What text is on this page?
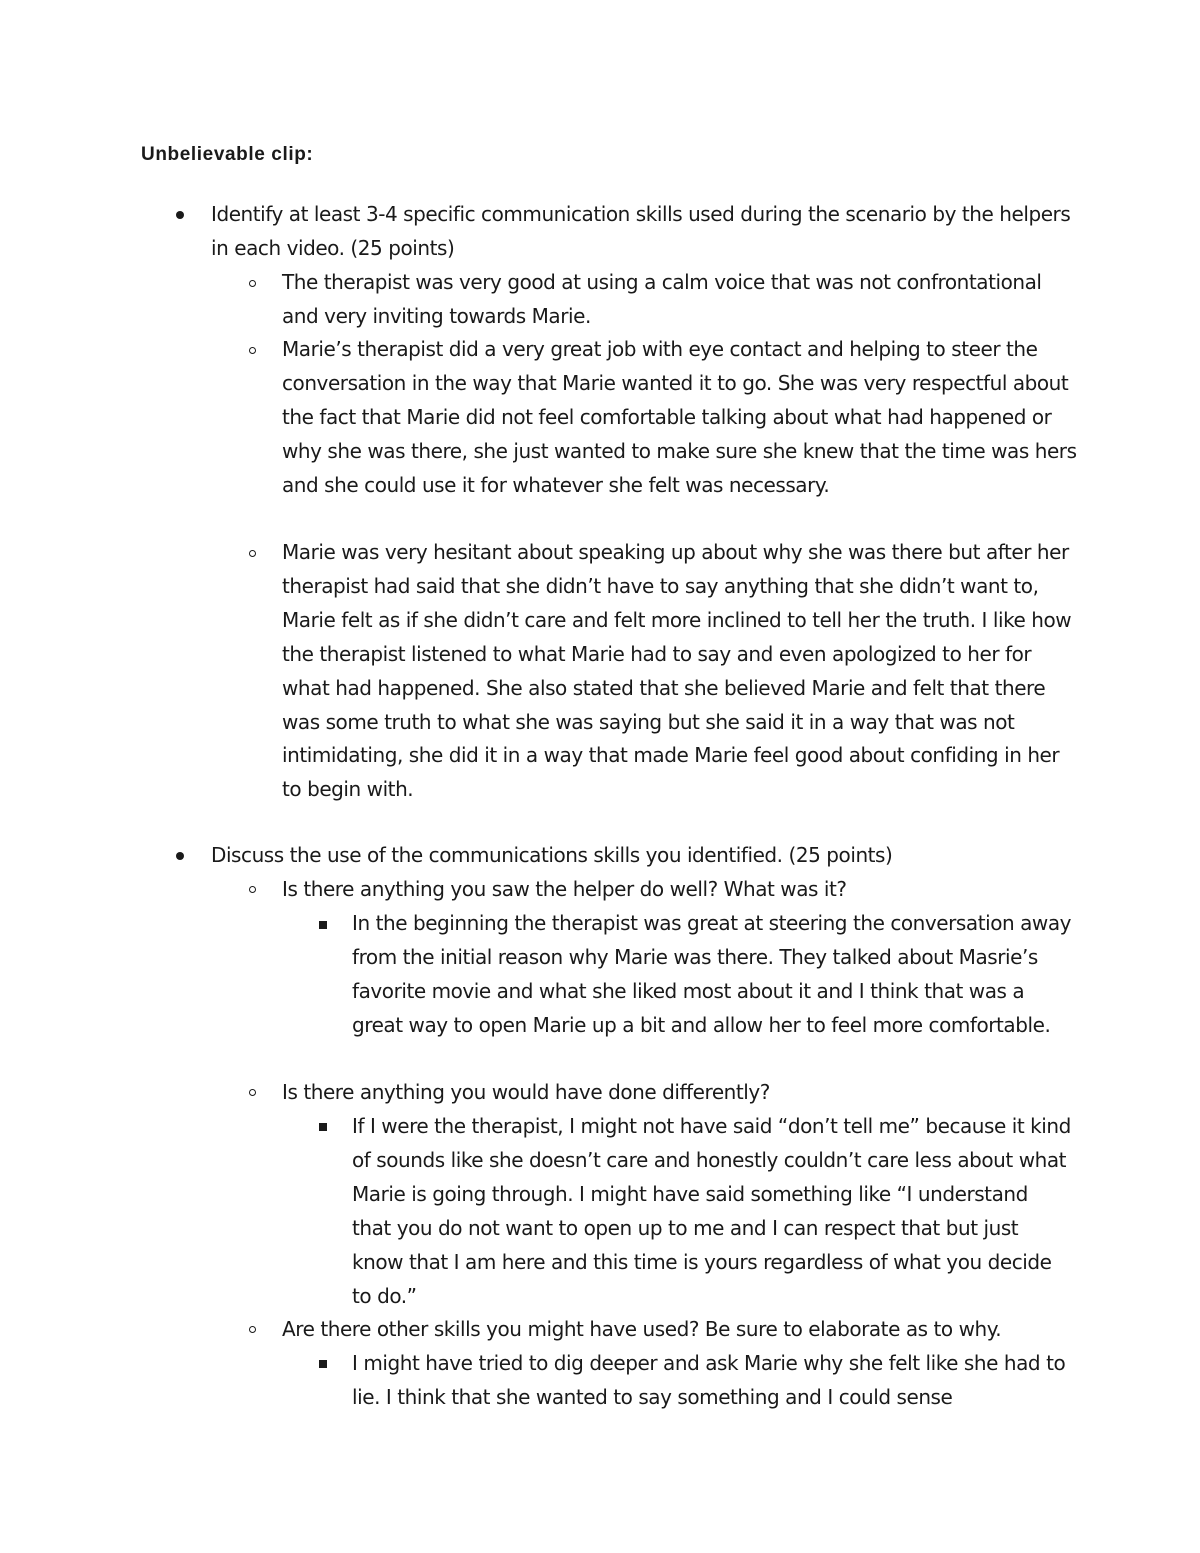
Unbelievable clip:

Identify at least 3-4 specific communication skills used during the scenario by the helpers in each video. (25 points)

The therapist was very good at using a calm voice that was not confrontational and very inviting towards Marie.

Marie’s therapist did a very great job with eye contact and helping to steer the conversation in the way that Marie wanted it to go. She was very respectful about the fact that Marie did not feel comfortable talking about what had happened or why she was there, she just wanted to make sure she knew that the time was hers and she could use it for whatever she felt was necessary.

Marie was very hesitant about speaking up about why she was there but after her therapist had said that she didn’t have to say anything that she didn’t want to, Marie felt as if she didn’t care and felt more inclined to tell her the truth. I like how the therapist listened to what Marie had to say and even apologized to her for what had happened. She also stated that she believed Marie and felt that there was some truth to what she was saying but she said it in a way that was not intimidating, she did it in a way that made Marie feel good about confiding in her to begin with.

Discuss the use of the communications skills you identified. (25 points)

Is there anything you saw the helper do well? What was it?

In the beginning the therapist was great at steering the conversation away from the initial reason why Marie was there. They talked about Masrie’s favorite movie and what she liked most about it and I think that was a great way to open Marie up a bit and allow her to feel more comfortable.

Is there anything you would have done differently?

If I were the therapist, I might not have said “don’t tell me” because it kind of sounds like she doesn’t care and honestly couldn’t care less about what Marie is going through. I might have said something like “I understand that you do not want to open up to me and I can respect that but just know that I am here and this time is yours regardless of what you decide to do.”

Are there other skills you might have used? Be sure to elaborate as to why.

I might have tried to dig deeper and ask Marie why she felt like she had to lie. I think that she wanted to say something and I could sense
